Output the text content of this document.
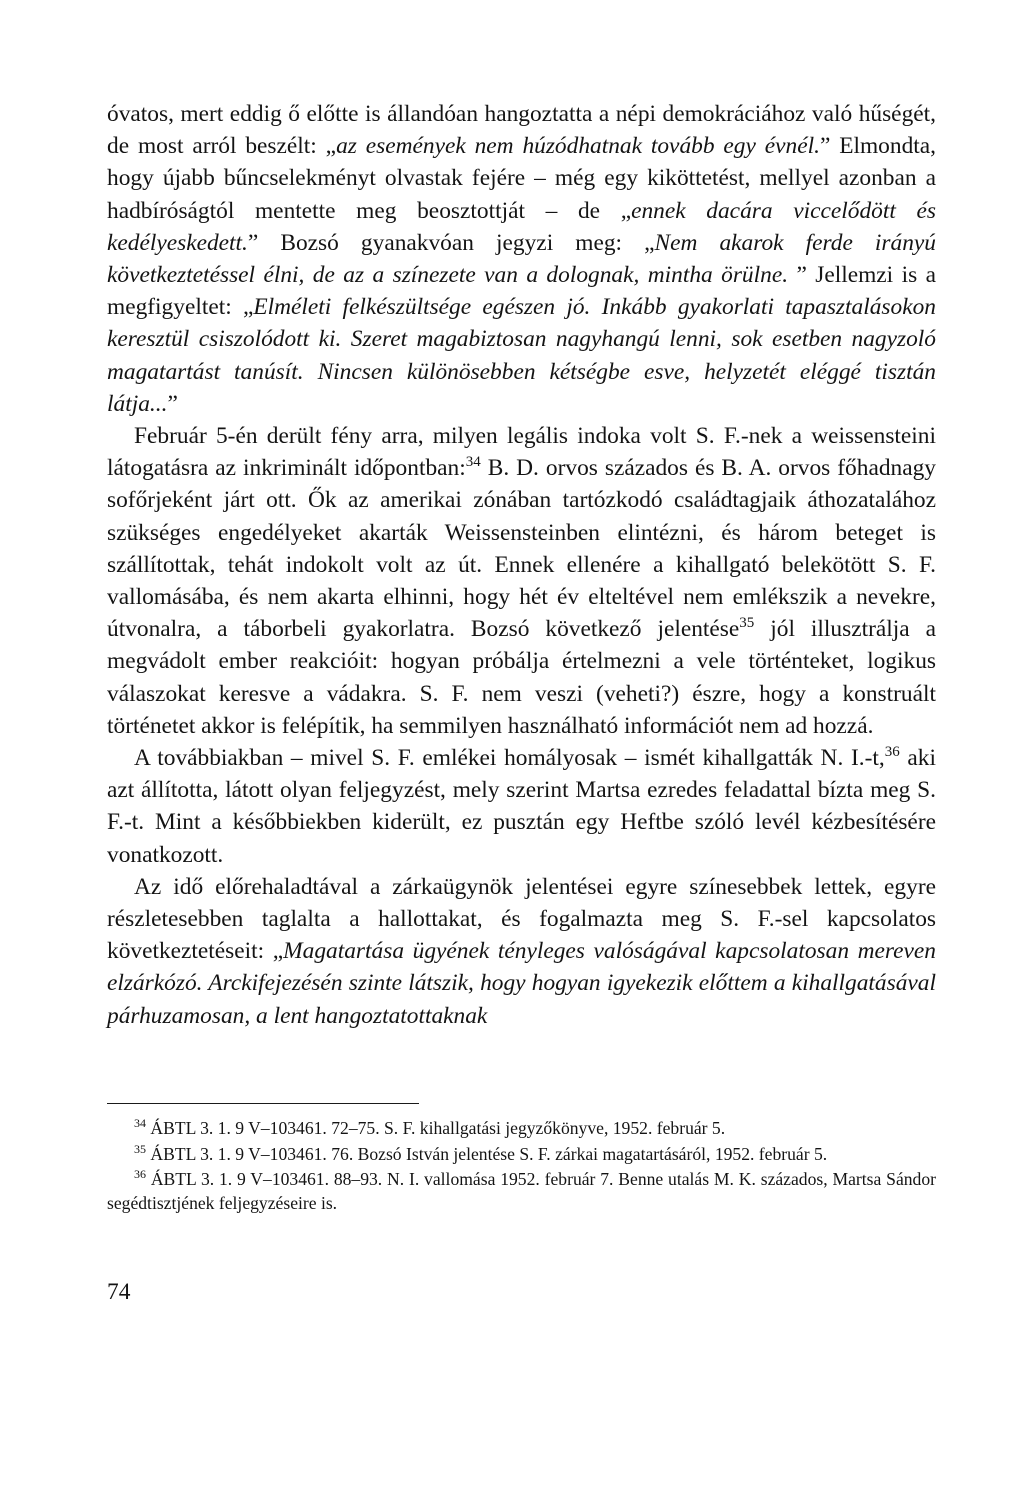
óvatos, mert eddig ő előtte is állandóan hangoztatta a népi demokráciához való hűségét, de most arról beszélt: „az események nem húzódhatnak tovább egy évnél.” Elmondta, hogy újabb bűncselekményt olvastak fejére – még egy kiköttetést, mellyel azonban a hadbíróságtól mentette meg beosztottját – de „ennek dacára viccelődött és kedélyeskedett.” Bozsó gyanakvóan jegyzi meg: „Nem akarok ferde irányú következtetéssel élni, de az a színezete van a dolognak, mintha örülne. ” Jellemzi is a megfigyeltet: „Elméleti felkészültsége egészen jó. Inkább gyakorlati tapasztalásokon keresztül csiszolódott ki. Szeret magabiztosan nagyhangú lenni, sok esetben nagyzoló magatartást tanúsít. Nincsen különösebben kétségbe esve, helyzetét eléggé tisztán látja...”

Február 5-én derült fény arra, milyen legális indoka volt S. F.-nek a weissensteini látogatásra az inkriminált időpontban:$^{34}$ B. D. orvos százados és B. A. orvos főhadnagy sofőrjeként járt ott. Ők az amerikai zónában tartózkodó családtagjaik áthozatalához szükséges engedélyeket akarták Weissensteinben elintézni, és három beteget is szállítottak, tehát indokolt volt az út. Ennek ellenére a kihallgató belekötött S. F. vallomásába, és nem akarta elhinni, hogy hét év elteltével nem emlékszik a nevekre, útvonalra, a táborbeli gyakorlatra. Bozsó következő jelentése$^{35}$ jól illusztrálja a megvádolt ember reakcióit: hogyan próbálja értelmezni a vele történteket, logikus válaszokat keresve a vádakra. S. F. nem veszi (veheti?) észre, hogy a konstruált történetet akkor is felépítik, ha semmilyen használható információt nem ad hozzá.

A továbbiakban – mivel S. F. emlékei homályosak – ismét kihallgatták N. I.-t,$^{36}$ aki azt állította, látott olyan feljegyzést, mely szerint Martsa ezredes feladattal bízta meg S. F.-t. Mint a későbbiekben kiderült, ez pusztán egy Heftbe szóló levél kézbesítésére vonatkozott.

Az idő előrehaladtával a zárkaügynök jelentései egyre színesebbek lettek, egyre részletesebben taglalta a hallottakat, és fogalmazta meg S. F.-sel kapcsolatos következtetéseit: „Magatartása ügyének tényleges valóságával kapcsolatosan mereven elzárkózó. Arckifejezésén szinte látszik, hogy hogyan igyekezik előttem a kihallgatásával párhuzamosan, a lent hangoztatottaknak

$^{34}$ ÁBTL 3. 1. 9 V–103461. 72–75. S. F. kihallgatási jegyzőkönyve, 1952. február 5.

$^{35}$ ÁBTL 3. 1. 9 V–103461. 76. Bozsó István jelentése S. F. zárkai magatartásáról, 1952. február 5.

$^{36}$ ÁBTL 3. 1. 9 V–103461. 88–93. N. I. vallomása 1952. február 7. Benne utalás M. K. százados, Martsa Sándor segédtisztjének feljegyzéseire is.

74
